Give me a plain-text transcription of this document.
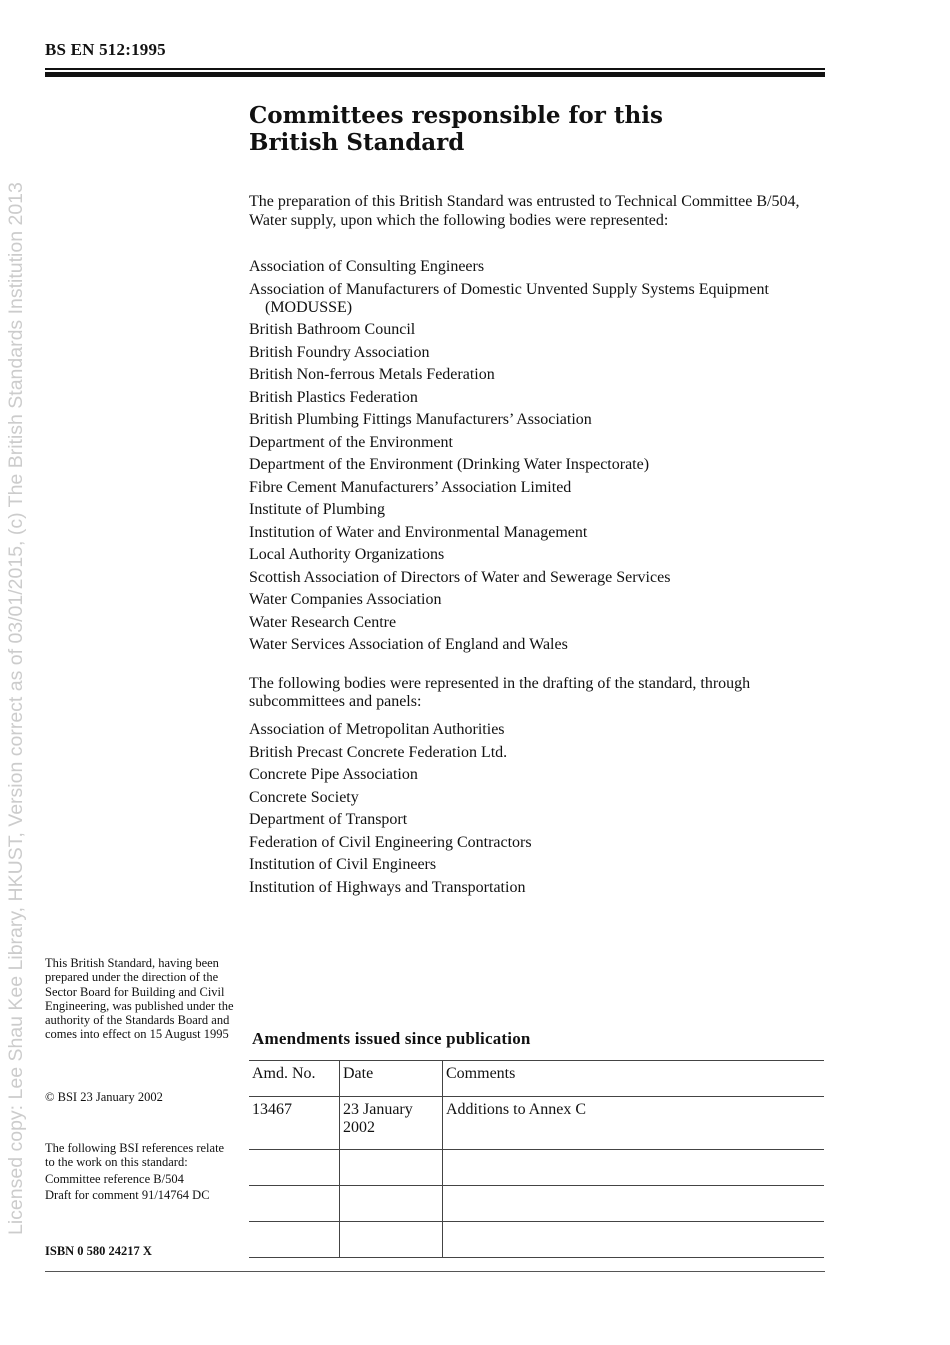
BS EN 512:1995
Licensed copy: Lee Shau Kee Library, HKUST, Version correct as of 03/01/2015, (c) The British Standards Institution 2013
Committees responsible for this
British Standard
The preparation of this British Standard was entrusted to Technical Committee B/504, Water supply, upon which the following bodies were represented:
Association of Consulting Engineers
Association of Manufacturers of Domestic Unvented Supply Systems Equipment (MODUSSE)
British Bathroom Council
British Foundry Association
British Non-ferrous Metals Federation
British Plastics Federation
British Plumbing Fittings Manufacturers’ Association
Department of the Environment
Department of the Environment (Drinking Water Inspectorate)
Fibre Cement Manufacturers’ Association Limited
Institute of Plumbing
Institution of Water and Environmental Management
Local Authority Organizations
Scottish Association of Directors of Water and Sewerage Services
Water Companies Association
Water Research Centre
Water Services Association of England and Wales
The following bodies were represented in the drafting of the standard, through subcommittees and panels:
Association of Metropolitan Authorities
British Precast Concrete Federation Ltd.
Concrete Pipe Association
Concrete Society
Department of Transport
Federation of Civil Engineering Contractors
Institution of Civil Engineers
Institution of Highways and Transportation
This British Standard, having been prepared under the direction of the Sector Board for Building and Civil Engineering, was published under the authority of the Standards Board and comes into effect on 15 August 1995
© BSI 23 January 2002
The following BSI references relate to the work on this standard:
Committee reference B/504
Draft for comment 91/14764 DC
ISBN 0 580 24217 X
Amendments issued since publication
Amd. No.	Date	Comments
13467	23 January 2002	Additions to Annex C
